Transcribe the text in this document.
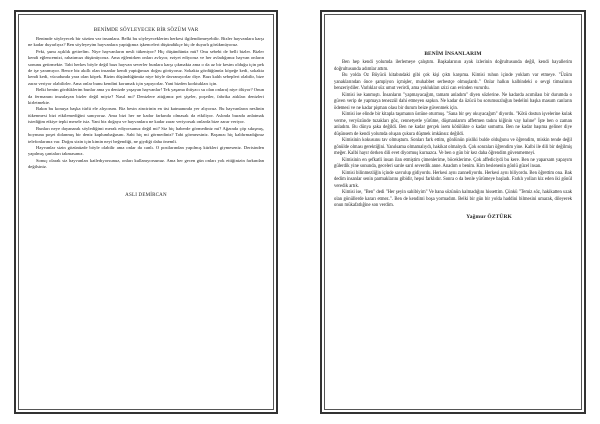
BENİMDE SÖYLEYECEK BİR SÖZÜM VAR

Benimde söyleyecek bir sözüm var insanlara. Belki bu söyleyeceklerim herkesi ilgilendirmeyebilir. Bizler hayvanlara karşı ne kadar duyarlıyız? Ben söyleyeyim hayvanlara yaptığımız işkenceleri düşündükçe hiç de duyarlı görükmüyoruz.

Peki, şunu açıklık getirelim. Niye hayvanların nesli tükeniyor? Hiç düşündünüz mü? Onu sebebi de belli bizler. Bizler kendi eğlencemizi, rahatımızı düşünüyoruz. Ama eğlenirken onları avlıyor, eziyet ediyoruz ve her avladığımız hayvan onların sonunu getirmekte. Tabi herkes böyle değil bazı hayvan severler bunlara karşı çıkmakta ama o da az bir kesim olduğu için pek de işe yaramıyor. Bence biz akıllı olan insanlar kendi yaptığımızı doğru görüyoruz. Sokakta gördüğümüz köpeğe kedi, sokakta kendi kedi, vücudunda yara olan köpek. Bizim düşündüğümüz niye böyle davranıyorlar diye. Bazı kalıh sebepleri olabilir, bize zarar veriyor olabilirler. Ama onlar bunu kendini korumak için yapıyorlar. Yani bizden korktukları için.

Belki benim gördüklerim bunlar ama ya denizde yaşayan hayvanlar! Tek yaşama ihtiyacı su olan onlara) niye ölüyor? Onun da fermanını imzalayan bizler değil miyiz? Nasıl mı? Denizlere attığımız pet şişeler, poşetler, fabrika atıkları denizleri kirletmekte.

Bakın bu konuya başka türlü ele alıyorum. Biz besin zincirinin en üst katmanında yer alıyoruz. Bu hayvanların neslinin tükenmesi bizi etkilemediğini sanıyoruz. Ama bizi her ne kadar farkında olmasak da etkiliyor. Aslında burada anlatmak istediğim etkiye tepki mesele isiz. Yani biz doğaya ve hayvanlara ne kadar zarar veriyorsak onlarda bize zarar veriyor.

Bunları neye dayanarak söylediğimi merak ediyorsunuz değil mi? Siz hiç haberde görmediniz mi? Ağzında çöp sıkışmış, boynuna poşet dolanmış bir deniz kaplumbağasını. Sahi hiç mi görmediniz? Tabi görmezsiniz. Başınızı hiç kaldırmadığınız telefonlarınız var. Doğru sizin için kimin neyi beğendiği, ne giydiği daha önemli.

Hayvanlar sizin gözünüzde böyle olabilir ama onlar da canlı. O postlarından yapılmış kürkleri giymeseniz. Derisinden yapılmış çantaları takmasanız.

Sonuç olarak siz hayvanları katledıyorsunuz, onları kullanıyorsunuz. Ama her gecen gün onları yok ettiğinizin farkından değilsiniz.

ASLI DEMİRCAN
BENİM İNSANLARIM

Ben hep kendi yolumda ilerlemeye çalıştım. Başkalarının ayak izlerinin doğrultusunda değil, kendi hayallerim doğrultusunda adımlar attım.

Bu yolda Oz Büyücü kitabındaki gibi çok kişi çıktı karşıma. Kimisi ruhun içinde yoklam var etmeye. "Üzüm yanaklarından önce şampiyon içmişler, muhabbet serbestçe olmuşlardı." Onlar halkın kalbindeki o sevgi timsalının benzeriydiler. Varlıklar süz umut verirdi, ama yoklukları ızizi can evinden vururdu.

Kimisi ise kanmıştı. İnsanların "yapmayacağım, tamam anladım" diyen sözlerine. Ne kadarda acımilası bir durumda o güven verip de yapmaya tenezzül dahi etmeyen sapkın. Ne kadar da üzücü bu sorumsuzluğun bedelini başka masum canların ödemesi ve ne kadar pişman olası bir durum beize güvenmek için.

Kimisi ise elinde bir kitapla taşımanın üstüne oturmuş. "Sana bir şey okuyacağım" diyordu. "Kötü dostun işvelerine kulak verme, veryüzünde tuzakları göz, cennetyetle yürüme, düşmanlarım affetmen tadını kiğinin vay halıne" İşte ben o zaman anladım. Bu dünya şaka değildi. Ben ne kadar gerçek isem kötülükte o kadar somuttu. Ben ne kadar başıma geliner diye düşünsem de kendi yolumda oluşan çukura düşmek imkânsız değildi.

Kimisinin kokusunu tav olmuştum. Sonları fark ettim, gönlünün pisliki bulde olduğunu ve öğrendim, miskin tende değil gönülde olması gerektiğini. Yanılsama olmamalıydı, hakikat olmalıydı. Çok sonraları öğrendim yine. Kalbi ile dili bir değilmiş meğer. Kalbi hayır derken dili evet diyormuş kurnazca. Ve ben o gün bir kez daha öğrendim güvenmemeyi.

Kimisinin en şefkatli insan ilan etmiştim çimenlerime, böceklerime. Çok affediciydi bu kere. Ben ne yaparsam yapayım gülerdik yine sonunda, geceleri sarıle sarıl severdik anne. Anadım o benim. Kim beslenenin gönlü güzel insan.

Kimisi bilinmezliğin içinde savrulup gidiyordu. Herkesi aynı zanneliyordu. Herkesi aynı biliyordu. Ben öğrettim ona. Bak dedim insanlar senin parmaklarını gibidir, hepsi farklıdır. Sonra o da benle yürümeye başladı. Farklı yolları kiz eden iki gönül veredik artık.

Kimisi ise, "Ben" dedi "Her şeyin sahibiyim" Ve bana sözünün kalmadığını hissettim. Çünkü "Temiz söz, hakikatten uzak olan gönüllerde kararı etmez.". Ben de kendimi boşa yormadım. Belki bir gün bir yolda haddini bilmesini umarak, dileyerek onun mükafatlığine son verdim.

Yağmur ÖZTÜRK
